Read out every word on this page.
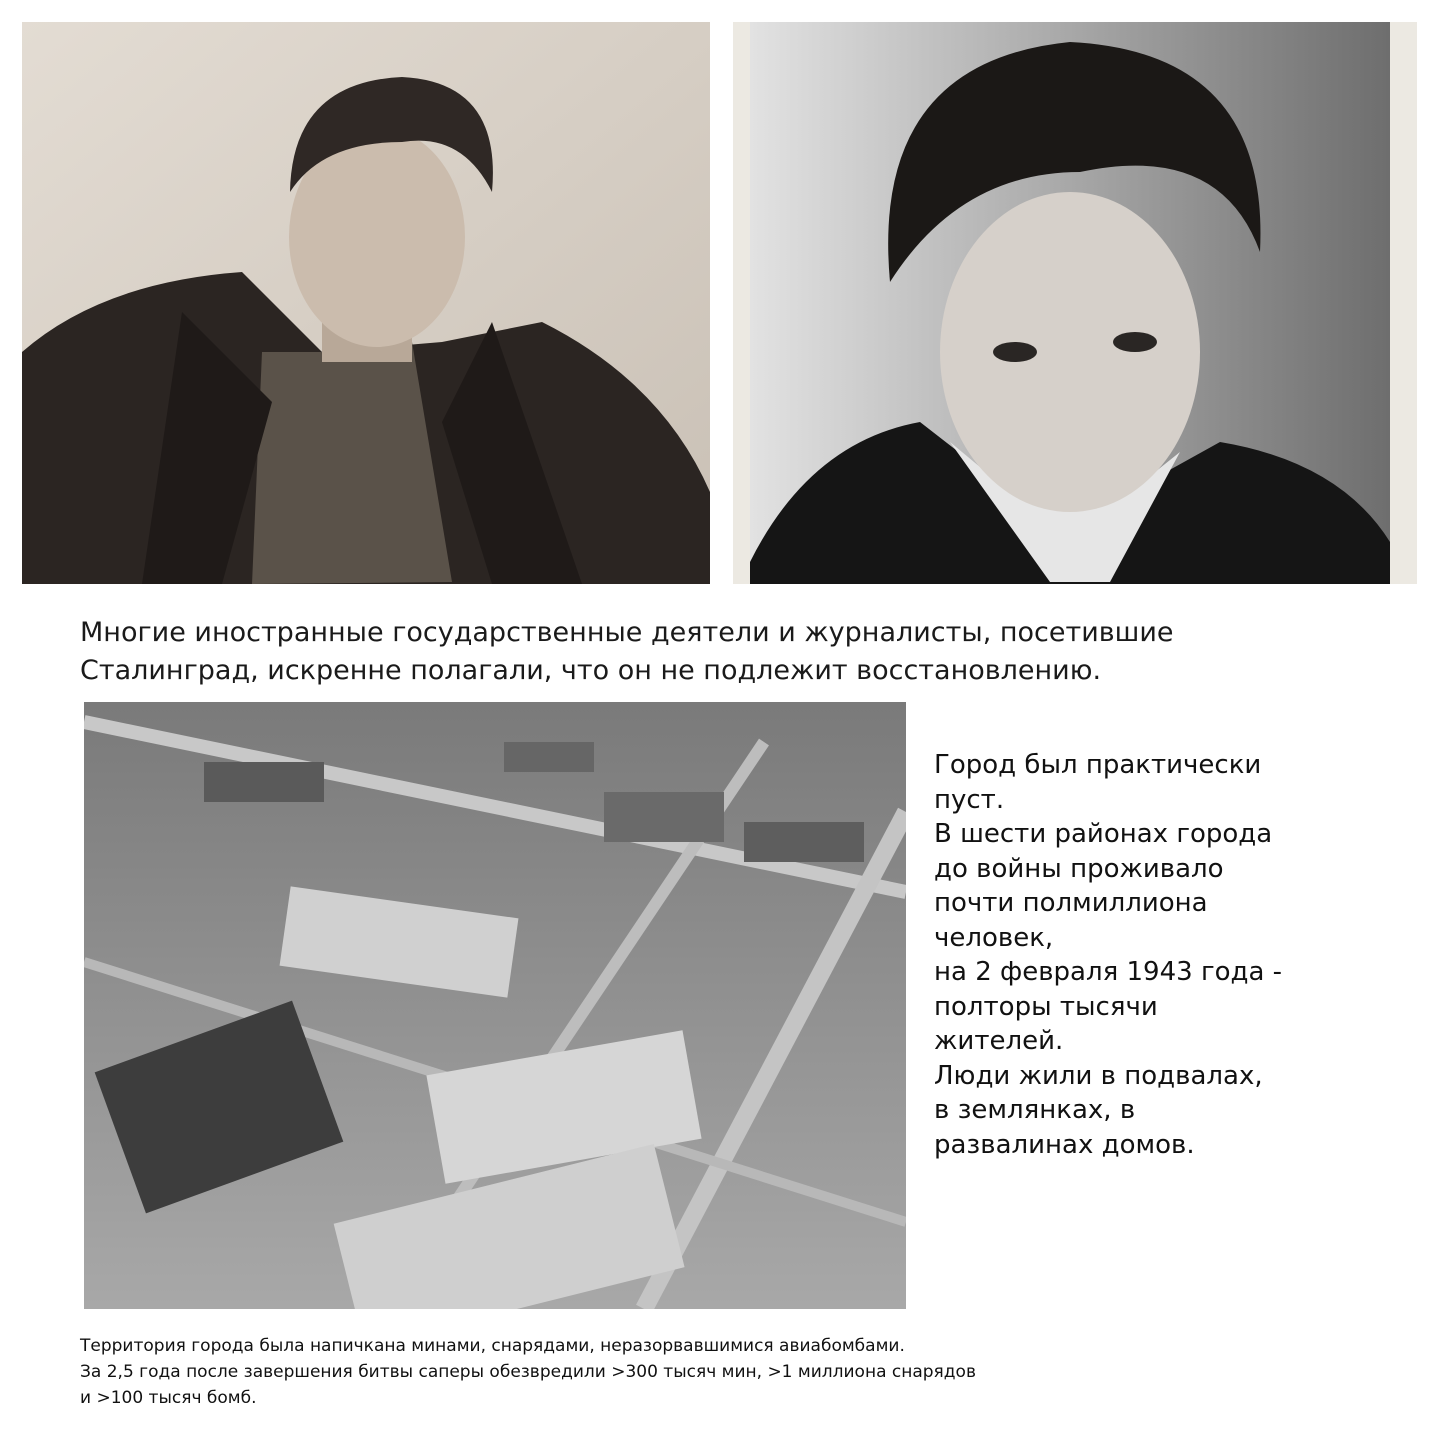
Многие иностранные государственные деятели и журналисты, посетившие
Сталинград, искренне полагали, что он не подлежит восстановлению.

Город был практически
пуст.
В шести районах города
до войны проживало
почти полмиллиона
человек,
на 2 февраля 1943 года -
полторы тысячи
жителей.
Люди жили в подвалах,
в землянках, в
развалинах домов.

Территория города была напичкана минами, снарядами, неразорвавшимися авиабомбами.
За 2,5 года после завершения битвы саперы обезвредили >300 тысяч мин, >1 миллиона снарядов
и >100 тысяч бомб.
